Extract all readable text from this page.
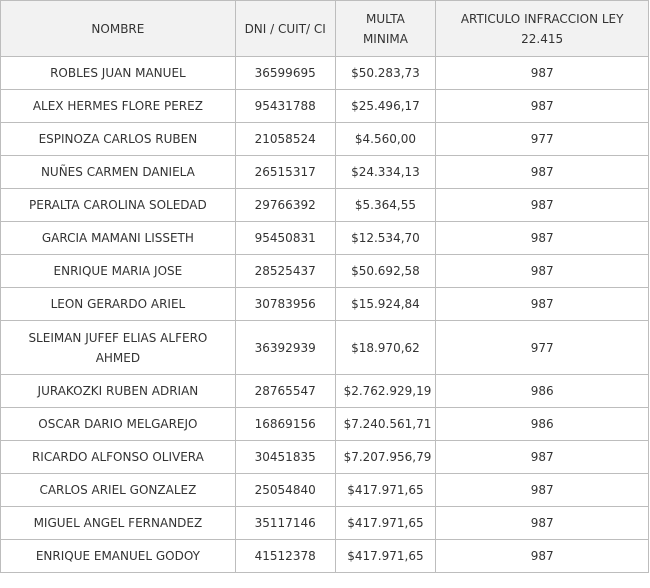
NOMBRE	DNI / CUIT/ CI	MULTA MINIMA	ARTICULO INFRACCION LEY 22.415
ROBLES JUAN MANUEL	36599695	$50.283,73	987
ALEX HERMES FLORE PEREZ	95431788	$25.496,17	987
ESPINOZA CARLOS RUBEN	21058524	$4.560,00	977
NUÑES CARMEN DANIELA	26515317	$24.334,13	987
PERALTA CAROLINA SOLEDAD	29766392	$5.364,55	987
GARCIA MAMANI LISSETH	95450831	$12.534,70	987
ENRIQUE MARIA JOSE	28525437	$50.692,58	987
LEON GERARDO ARIEL	30783956	$15.924,84	987
SLEIMAN JUFEF ELIAS ALFERO AHMED	36392939	$18.970,62	977
JURAKOZKI RUBEN ADRIAN	28765547	$2.762.929,19	986
OSCAR DARIO MELGAREJO	16869156	$7.240.561,71	986
RICARDO ALFONSO OLIVERA	30451835	$7.207.956,79	987
CARLOS ARIEL GONZALEZ	25054840	$417.971,65	987
MIGUEL ANGEL FERNANDEZ	35117146	$417.971,65	987
ENRIQUE EMANUEL GODOY	41512378	$417.971,65	987
